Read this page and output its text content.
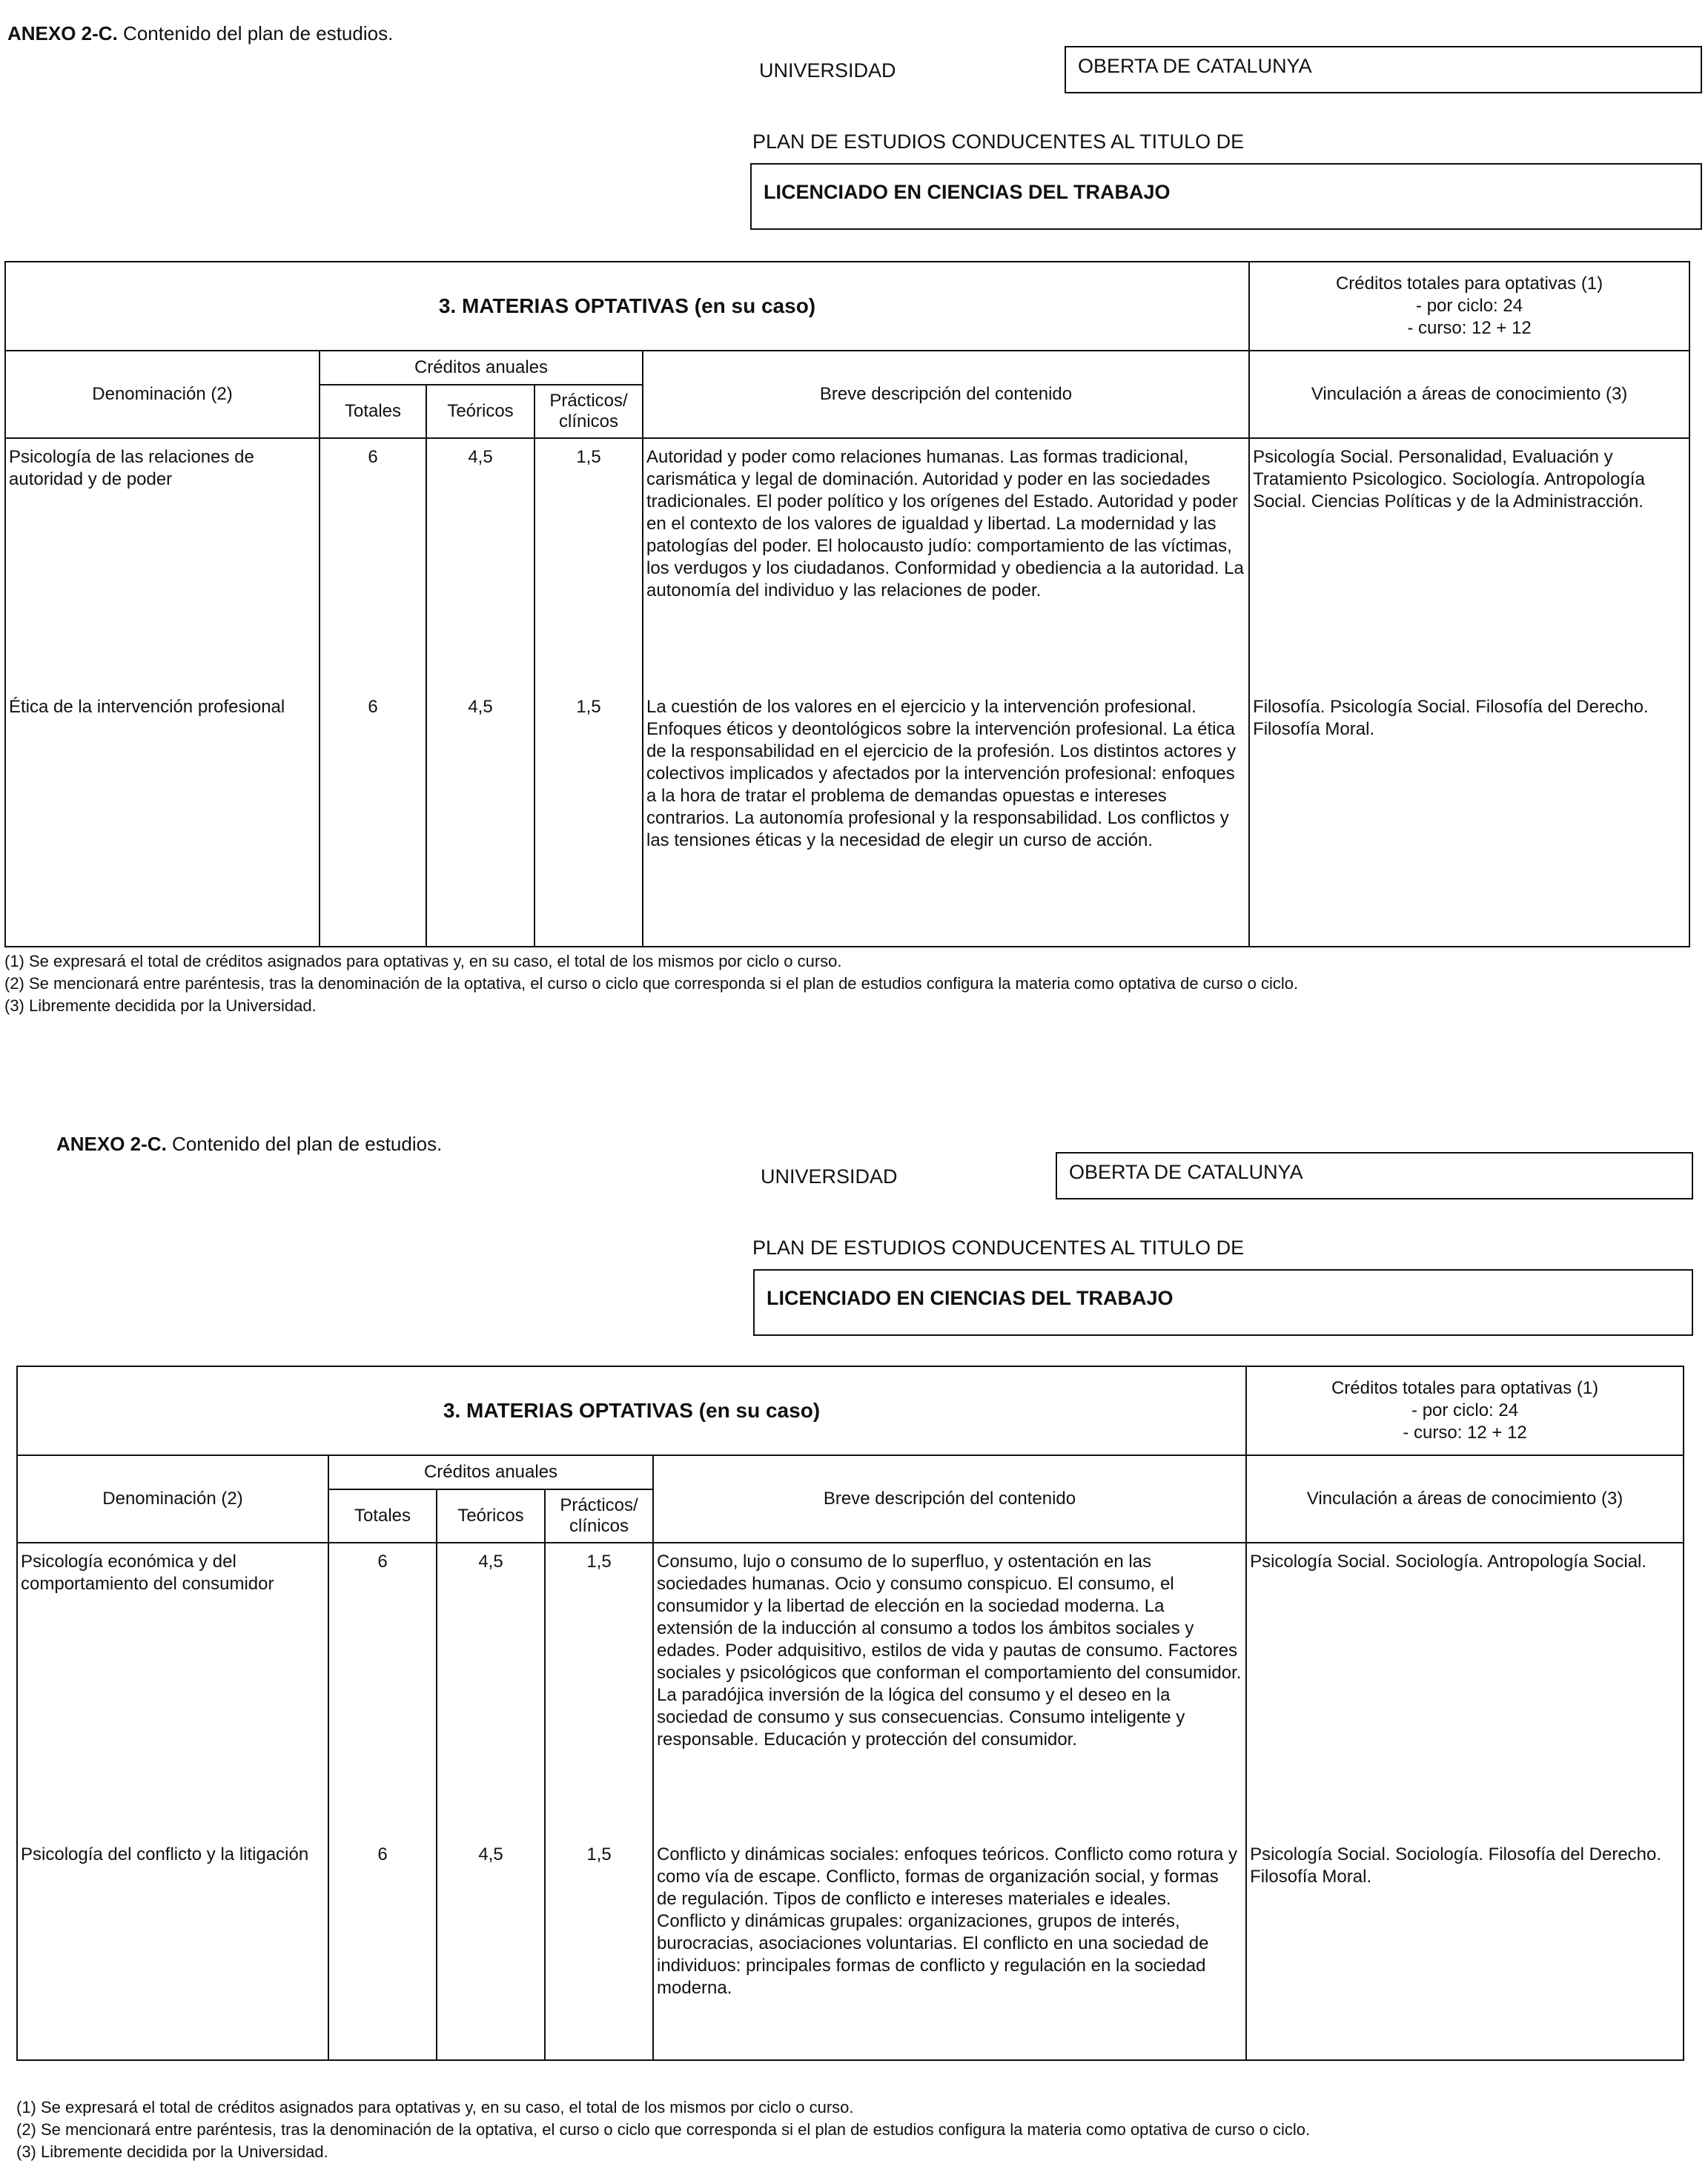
ANEXO 2-C. Contenido del plan de estudios.
UNIVERSIDAD	OBERTA DE CATALUNYA
PLAN DE ESTUDIOS CONDUCENTES AL TITULO DE
LICENCIADO EN CIENCIAS DEL TRABAJO
3. MATERIAS OPTATIVAS (en su caso)					Créditos totales para optativas (1)
- por ciclo: 24
- curso: 12 + 12

Denominación (2)	Créditos anuales			Breve descripción del contenido	Vinculación a áreas de conocimiento (3)
	Totales	Teóricos	Prácticos/
clínicos		

Psicología de las relaciones de autoridad y de poder	6	4,5	1,5	Autoridad y poder como relaciones humanas. Las formas tradicional, carismática y legal de dominación. Autoridad y poder en las sociedades tradicionales. El poder político y los orígenes del Estado. Autoridad y poder en el contexto de los valores de igualdad y libertad. La modernidad y las patologías del poder. El holocausto judío: comportamiento de las víctimas, los verdugos y los ciudadanos. Conformidad y obediencia a la autoridad. La autonomía del individuo y las relaciones de poder.	Psicología Social. Personalidad, Evaluación y Tratamiento Psicologico. Sociología. Antropología Social. Ciencias Políticas y de la Administracción.
Ética de la intervención profesional	6	4,5	1,5	La cuestión de los valores en el ejercicio y la intervención profesional. Enfoques éticos y deontológicos sobre la intervención profesional. La ética de la responsabilidad en el ejercicio de la profesión. Los distintos actores y colectivos implicados y afectados por la intervención profesional: enfoques a la hora de tratar el problema de demandas opuestas e intereses contrarios. La autonomía profesional y la responsabilidad. Los conflictos y las tensiones éticas y la necesidad de elegir un curso de acción.	Filosofía. Psicología Social. Filosofía del Derecho. Filosofía Moral.
(1) Se expresará el total de créditos asignados para optativas y, en su caso, el total de los mismos por ciclo o curso.
(2) Se mencionará entre paréntesis, tras la denominación de la optativa, el curso o ciclo que corresponda si el plan de estudios configura la materia como optativa de curso o ciclo.
(3) Libremente decidida por la Universidad.
ANEXO 2-C. Contenido del plan de estudios.
UNIVERSIDAD	OBERTA DE CATALUNYA
PLAN DE ESTUDIOS CONDUCENTES AL TITULO DE
LICENCIADO EN CIENCIAS DEL TRABAJO
3. MATERIAS OPTATIVAS (en su caso)					Créditos totales para optativas (1)
- por ciclo: 24
- curso: 12 + 12

Denominación (2)	Créditos anuales			Breve descripción del contenido	Vinculación a áreas de conocimiento (3)
	Totales	Teóricos	Prácticos/
clínicos		

Psicología económica y del comportamiento del consumidor	6	4,5	1,5	Consumo, lujo o consumo de lo superfluo, y ostentación en las sociedades humanas. Ocio y consumo conspicuo. El consumo, el consumidor y la libertad de elección en la sociedad moderna. La extensión de la inducción al consumo a todos los ámbitos sociales y edades. Poder adquisitivo, estilos de vida y pautas de consumo. Factores sociales y psicológicos que conforman el comportamiento del consumidor. La paradójica inversión de la lógica del consumo y el deseo en la sociedad de consumo y sus consecuencias. Consumo inteligente y responsable. Educación y protección del consumidor.	Psicología Social. Sociología. Antropología Social.
Psicología del conflicto y la litigación	6	4,5	1,5	Conflicto y dinámicas sociales: enfoques teóricos. Conflicto como rotura y como vía de escape. Conflicto, formas de organización social, y formas de regulación. Tipos de conflicto e intereses materiales e ideales. Conflicto y dinámicas grupales: organizaciones, grupos de interés, burocracias, asociaciones voluntarias. El conflicto en una sociedad de individuos: principales formas de conflicto y regulación en la sociedad moderna.	Psicología Social. Sociología. Filosofía del Derecho. Filosofía Moral.
(1) Se expresará el total de créditos asignados para optativas y, en su caso, el total de los mismos por ciclo o curso.
(2) Se mencionará entre paréntesis, tras la denominación de la optativa, el curso o ciclo que corresponda si el plan de estudios configura la materia como optativa de curso o ciclo.
(3) Libremente decidida por la Universidad.
